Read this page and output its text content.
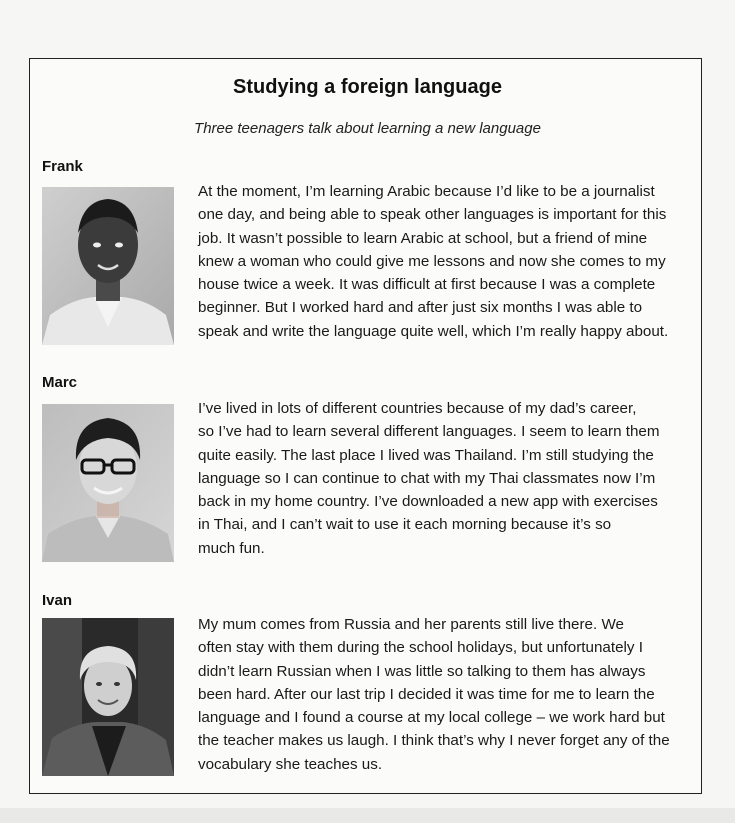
Studying a foreign language
Three teenagers talk about learning a new language
Frank
At the moment, I’m learning Arabic because I’d like to be a journalist
one day, and being able to speak other languages is important for this
job. It wasn’t possible to learn Arabic at school, but a friend of mine
knew a woman who could give me lessons and now she comes to my
house twice a week. It was difficult at first because I was a complete
beginner. But I worked hard and after just six months I was able to
speak and write the language quite well, which I’m really happy about.
Marc
I’ve lived in lots of different countries because of my dad’s career,
so I’ve had to learn several different languages. I seem to learn them
quite easily. The last place I lived was Thailand. I’m still studying the
language so I can continue to chat with my Thai classmates now I’m
back in my home country. I’ve downloaded a new app with exercises
in Thai, and I can’t wait to use it each morning because it’s so
much fun.
Ivan
My mum comes from Russia and her parents still live there. We
often stay with them during the school holidays, but unfortunately I
didn’t learn Russian when I was little so talking to them has always
been hard. After our last trip I decided it was time for me to learn the
language and I found a course at my local college – we work hard but
the teacher makes us laugh. I think that’s why I never forget any of the
vocabulary she teaches us.
